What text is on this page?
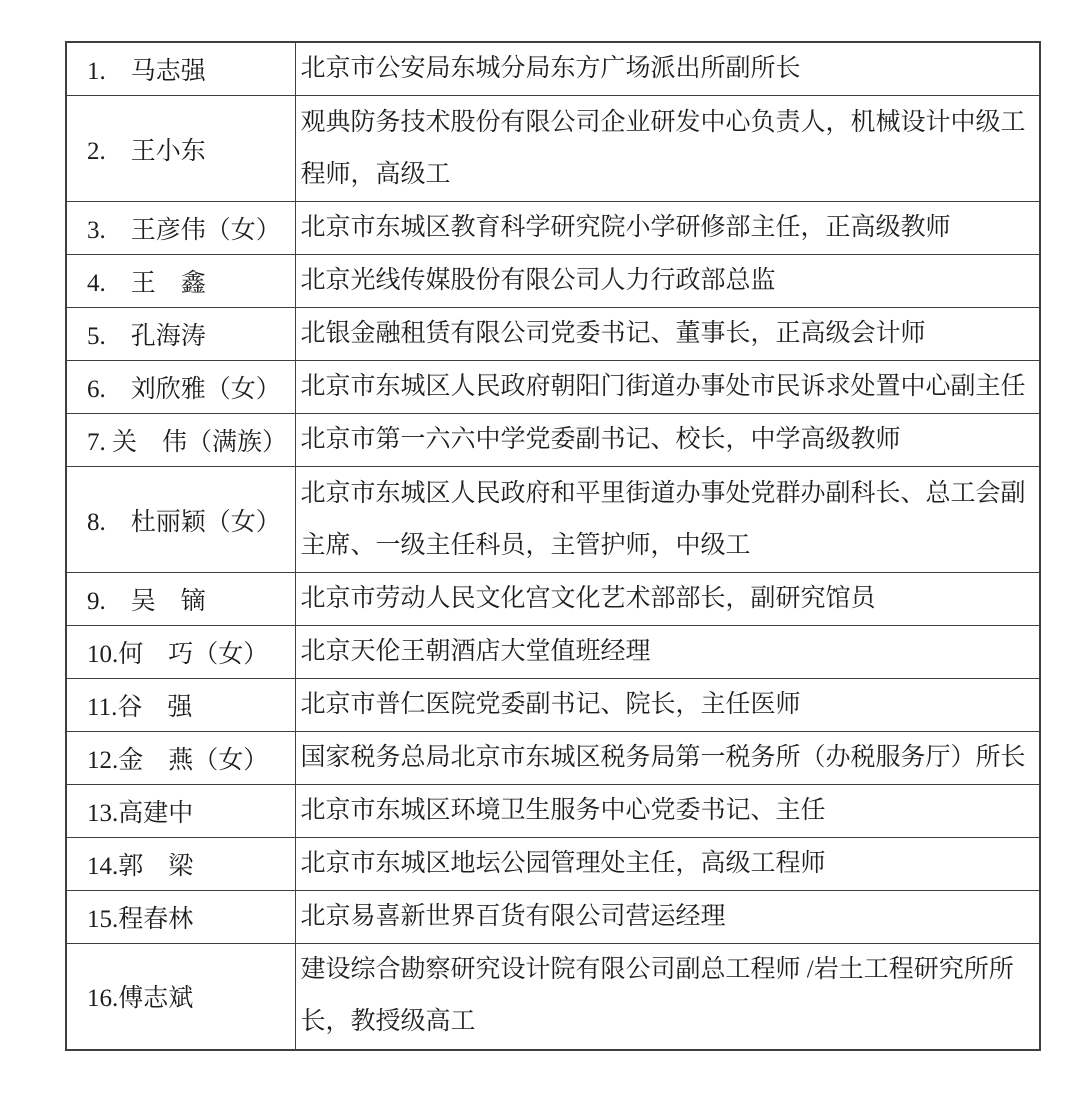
1.　马志强	北京市公安局东城分局东方广场派出所副所长
2.　王小东	观典防务技术股份有限公司企业研发中心负责人，机械设计中级工程师，高级工
3.　王彦伟（女）	北京市东城区教育科学研究院小学研修部主任，正高级教师
4.　王　鑫	北京光线传媒股份有限公司人力行政部总监
5.　孔海涛	北银金融租赁有限公司党委书记、董事长，正高级会计师
6.　刘欣雅（女）	北京市东城区人民政府朝阳门街道办事处市民诉求处置中心副主任
7. 关　伟（满族）	北京市第一六六中学党委副书记、校长，中学高级教师
8.　杜丽颖（女）	北京市东城区人民政府和平里街道办事处党群办副科长、总工会副主席、一级主任科员，主管护师，中级工
9.　吴　镝	北京市劳动人民文化宫文化艺术部部长，副研究馆员
10.何　巧（女）	北京天伦王朝酒店大堂值班经理
11.谷　强	北京市普仁医院党委副书记、院长，主任医师
12.金　燕（女）	国家税务总局北京市东城区税务局第一税务所（办税服务厅）所长
13.高建中	北京市东城区环境卫生服务中心党委书记、主任
14.郭　梁	北京市东城区地坛公园管理处主任，高级工程师
15.程春林	北京易喜新世界百货有限公司营运经理
16.傅志斌	建设综合勘察研究设计院有限公司副总工程师 /岩土工程研究所所长，教授级高工
